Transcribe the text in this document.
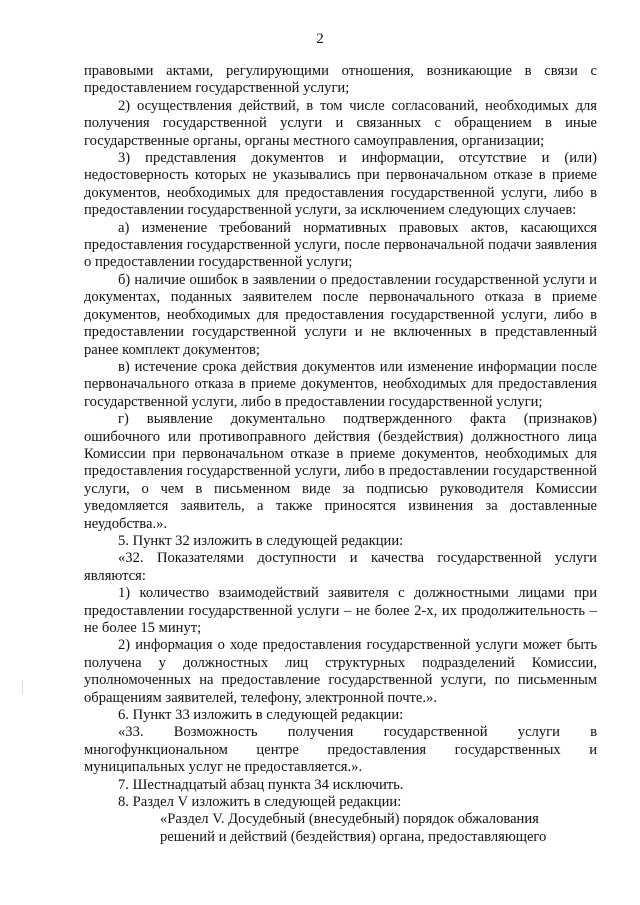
2

правовыми актами, регулирующими отношения, возникающие в связи с предоставлением государственной услуги;

2) осуществления действий, в том числе согласований, необходимых для получения государственной услуги и связанных с обращением в иные государственные органы, органы местного самоуправления, организации;

3) представления документов и информации, отсутствие и (или) недостоверность которых не указывались при первоначальном отказе в приеме документов, необходимых для предоставления государственной услуги, либо в предоставлении государственной услуги, за исключением следующих случаев:

а) изменение требований нормативных правовых актов, касающихся предоставления государственной услуги, после первоначальной подачи заявления о предоставлении государственной услуги;

б) наличие ошибок в заявлении о предоставлении государственной услуги и документах, поданных заявителем после первоначального отказа в приеме документов, необходимых для предоставления государственной услуги, либо в предоставлении государственной услуги и не включенных в представленный ранее комплект документов;

в) истечение срока действия документов или изменение информации после первоначального отказа в приеме документов, необходимых для предоставления государственной услуги, либо в предоставлении государственной услуги;

г) выявление документально подтвержденного факта (признаков) ошибочного или противоправного действия (бездействия) должностного лица Комиссии при первоначальном отказе в приеме документов, необходимых для предоставления государственной услуги, либо в предоставлении государственной услуги, о чем в письменном виде за подписью руководителя Комиссии уведомляется заявитель, а также приносятся извинения за доставленные неудобства.».

5. Пункт 32 изложить в следующей редакции:

«32. Показателями доступности и качества государственной услуги являются:

1) количество взаимодействий заявителя с должностными лицами при предоставлении государственной услуги – не более 2-х, их продолжительность – не более 15 минут;

2) информация о ходе предоставления государственной услуги может быть получена у должностных лиц структурных подразделений Комиссии, уполномоченных на предоставление государственной услуги, по письменным обращениям заявителей, телефону, электронной почте.».

6. Пункт 33 изложить в следующей редакции:

«33. Возможность получения государственной услуги в многофункциональном центре предоставления государственных и муниципальных услуг не предоставляется.».

7. Шестнадцатый абзац пункта 34 исключить.

8. Раздел V изложить в следующей редакции:

«Раздел V. Досудебный (внесудебный) порядок обжалования решений и действий (бездействия) органа, предоставляющего
